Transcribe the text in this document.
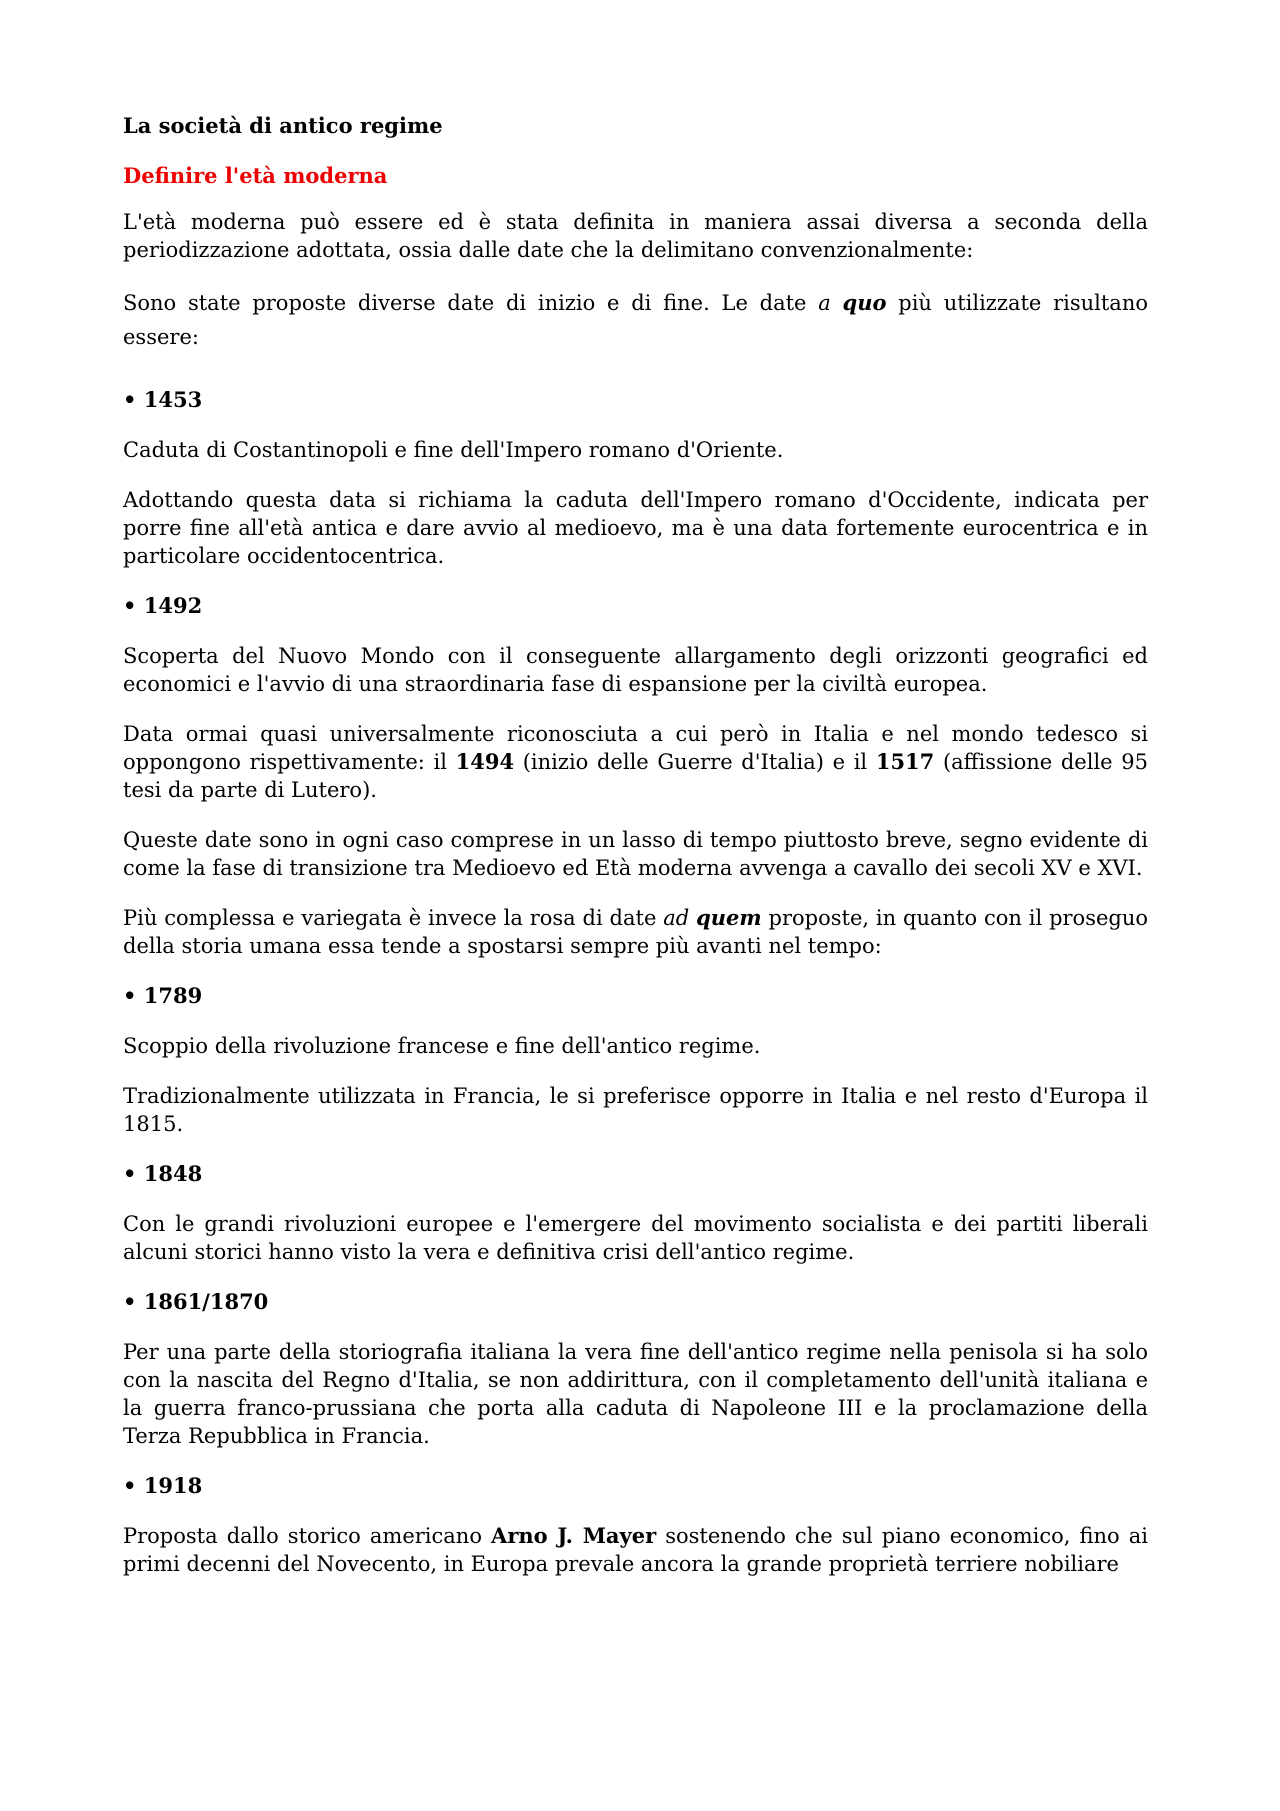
La società di antico regime
Definire l'età moderna

L'età moderna può essere ed è stata definita in maniera assai diversa a seconda della periodizzazione adottata, ossia dalle date che la delimitano convenzionalmente:

Sono state proposte diverse date di inizio e di fine. Le date a quo più utilizzate risultano essere:

• 1453

Caduta di Costantinopoli e fine dell'Impero romano d'Oriente.

Adottando questa data si richiama la caduta dell'Impero romano d'Occidente, indicata per porre fine all'età antica e dare avvio al medioevo, ma è una data fortemente eurocentrica e in particolare occidentocentrica.

• 1492

Scoperta del Nuovo Mondo con il conseguente allargamento degli orizzonti geografici ed economici e l'avvio di una straordinaria fase di espansione per la civiltà europea.

Data ormai quasi universalmente riconosciuta a cui però in Italia e nel mondo tedesco si oppongono rispettivamente: il 1494 (inizio delle Guerre d'Italia) e il 1517 (affissione delle 95 tesi da parte di Lutero).

Queste date sono in ogni caso comprese in un lasso di tempo piuttosto breve, segno evidente di come la fase di transizione tra Medioevo ed Età moderna avvenga a cavallo dei secoli XV e XVI.

Più complessa e variegata è invece la rosa di date ad quem proposte, in quanto con il proseguo della storia umana essa tende a spostarsi sempre più avanti nel tempo:

• 1789

Scoppio della rivoluzione francese e fine dell'antico regime.

Tradizionalmente utilizzata in Francia, le si preferisce opporre in Italia e nel resto d'Europa il 1815.

• 1848

Con le grandi rivoluzioni europee e l'emergere del movimento socialista e dei partiti liberali alcuni storici hanno visto la vera e definitiva crisi dell'antico regime.

• 1861/1870

Per una parte della storiografia italiana la vera fine dell'antico regime nella penisola si ha solo con la nascita del Regno d'Italia, se non addirittura, con il completamento dell'unità italiana e la guerra franco-prussiana che porta alla caduta di Napoleone III e la proclamazione della Terza Repubblica in Francia.

• 1918

Proposta dallo storico americano Arno J. Mayer sostenendo che sul piano economico, fino ai primi decenni del Novecento, in Europa prevale ancora la grande proprietà terriere nobiliare
